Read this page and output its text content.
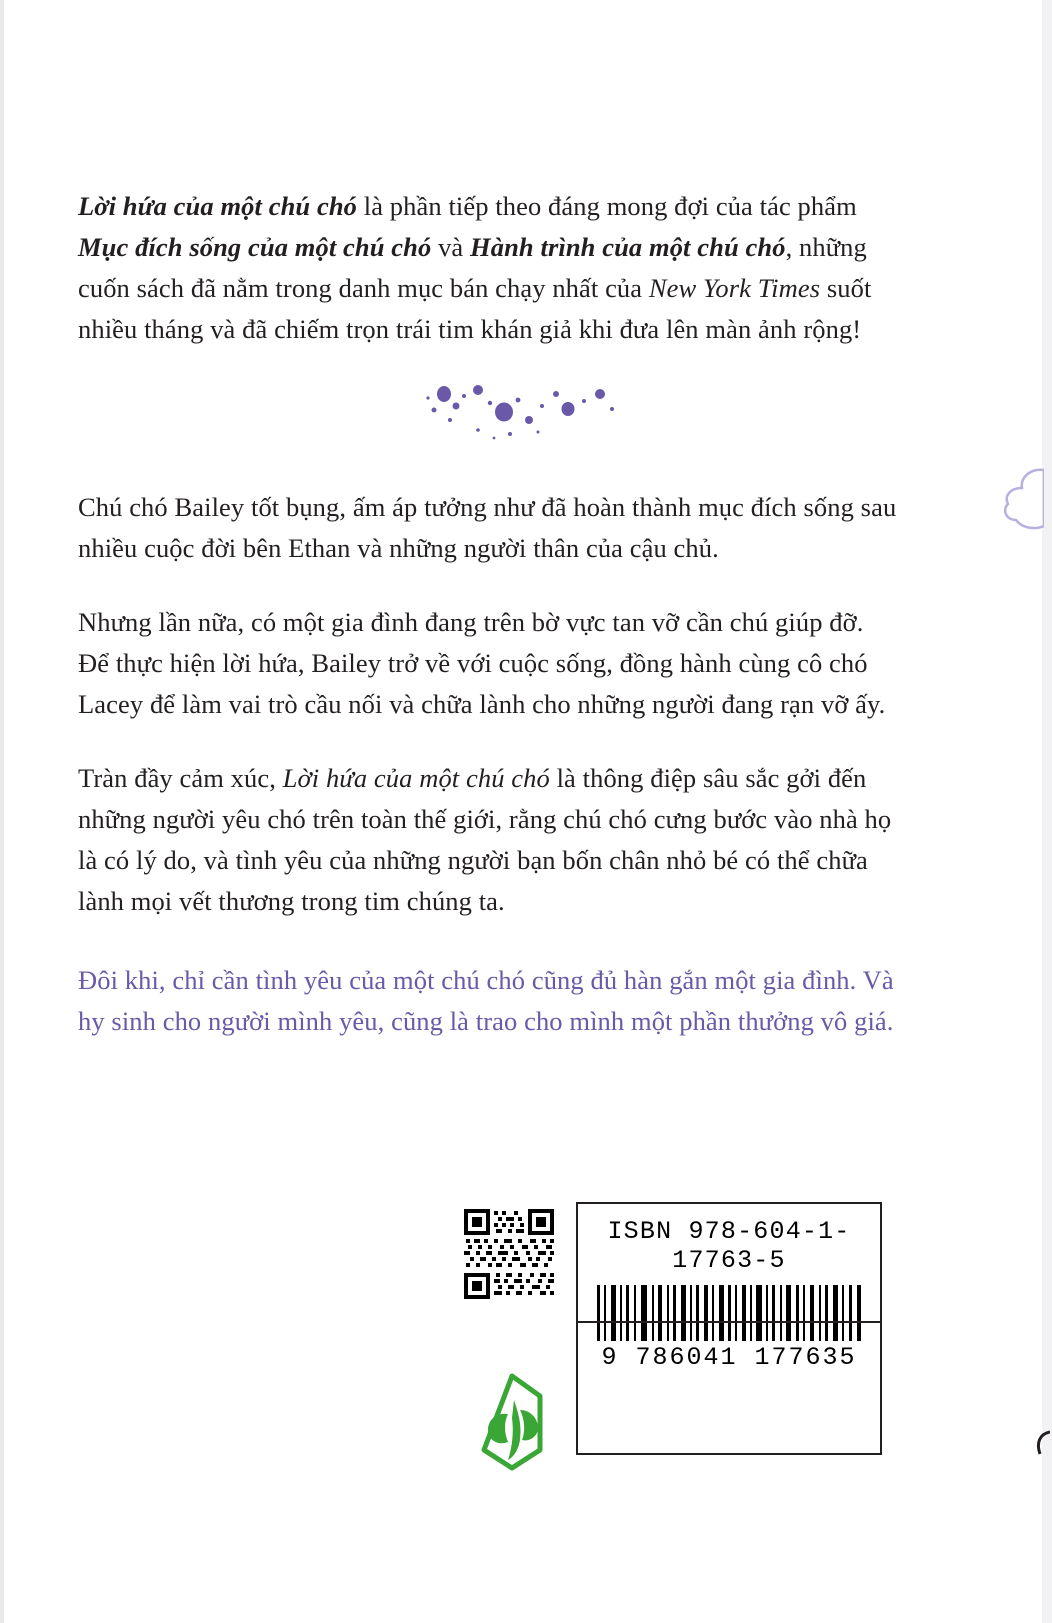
Lời hứa của một chú chó là phần tiếp theo đáng mong đợi của tác phẩm Mục đích sống của một chú chó và Hành trình của một chú chó, những cuốn sách đã nằm trong danh mục bán chạy nhất của New York Times suốt nhiều tháng và đã chiếm trọn trái tim khán giả khi đưa lên màn ảnh rộng!

Chú chó Bailey tốt bụng, ấm áp tưởng như đã hoàn thành mục đích sống sau nhiều cuộc đời bên Ethan và những người thân của cậu chủ.

Nhưng lần nữa, có một gia đình đang trên bờ vực tan vỡ cần chú giúp đỡ. Để thực hiện lời hứa, Bailey trở về với cuộc sống, đồng hành cùng cô chó Lacey để làm vai trò cầu nối và chữa lành cho những người đang rạn vỡ ấy.

Tràn đầy cảm xúc, Lời hứa của một chú chó là thông điệp sâu sắc gởi đến những người yêu chó trên toàn thế giới, rằng chú chó cưng bước vào nhà họ là có lý do, và tình yêu của những người bạn bốn chân nhỏ bé có thể chữa lành mọi vết thương trong tim chúng ta.

Đôi khi, chỉ cần tình yêu của một chú chó cũng đủ hàn gắn một gia đình. Và hy sinh cho người mình yêu, cũng là trao cho mình một phần thưởng vô giá.

ISBN 978-604-1-17763-5
9 786041 177635
